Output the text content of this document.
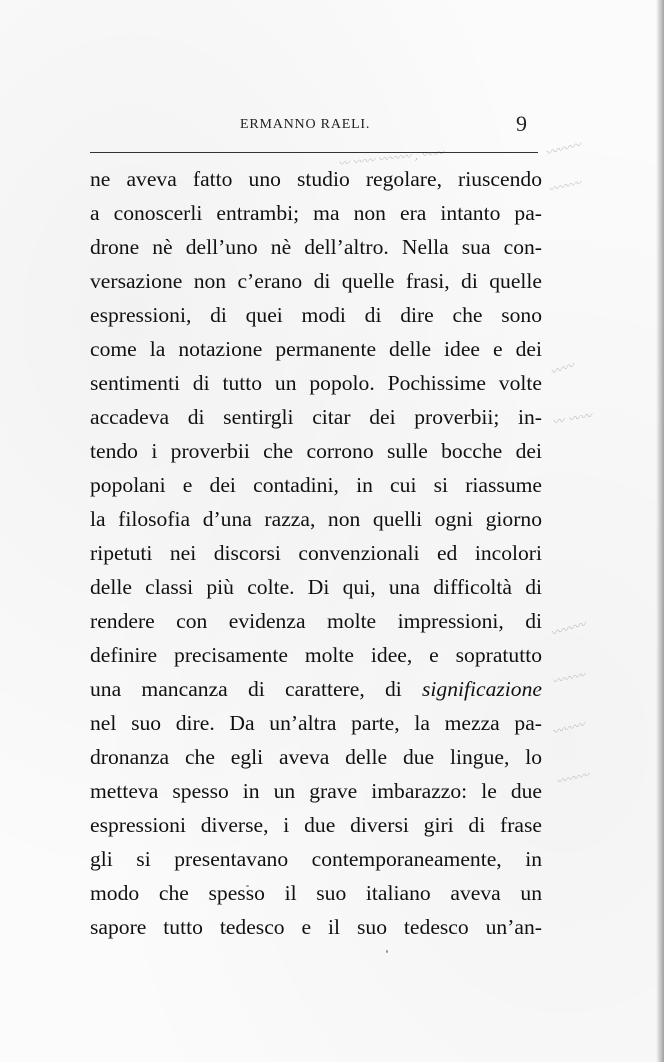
ERMANNO RAELI.	9
ne aveva fatto uno studio regolare, riuscendo
a conoscerli entrambi; ma non era intanto pa-
drone nè dell’uno nè dell’altro. Nella sua con-
versazione non c’erano di quelle frasi, di quelle
espressioni, di quei modi di dire che sono
come la notazione permanente delle idee e dei
sentimenti di tutto un popolo. Pochissime volte
accadeva di sentirgli citar dei proverbii; in-
tendo i proverbii che corrono sulle bocche dei
popolani e dei contadini, in cui si riassume
la filosofia d’una razza, non quelli ogni giorno
ripetuti nei discorsi convenzionali ed incolori
delle classi più colte. Di qui, una difficoltà di
rendere con evidenza molte impressioni, di
definire precisamente molte idee, e sopratutto
una mancanza di carattere, di significazione
nel suo dire. Da un’altra parte, la mezza pa-
dronanza che egli aveva delle due lingue, lo
metteva spesso in un grave imbarazzo: le due
espressioni diverse, i due diversi giri di frase
gli si presentavano contemporaneamente, in
modo che spesso il suo italiano aveva un
sapore tutto tedesco e il suo tedesco un’an-
〰 〰〰 〰〰〰 , 〰〰	〰〰〰
〰〰〰
〰〰
〰 〰〰
〰〰〰
〰〰〰
〰〰〰
〰〰〰
